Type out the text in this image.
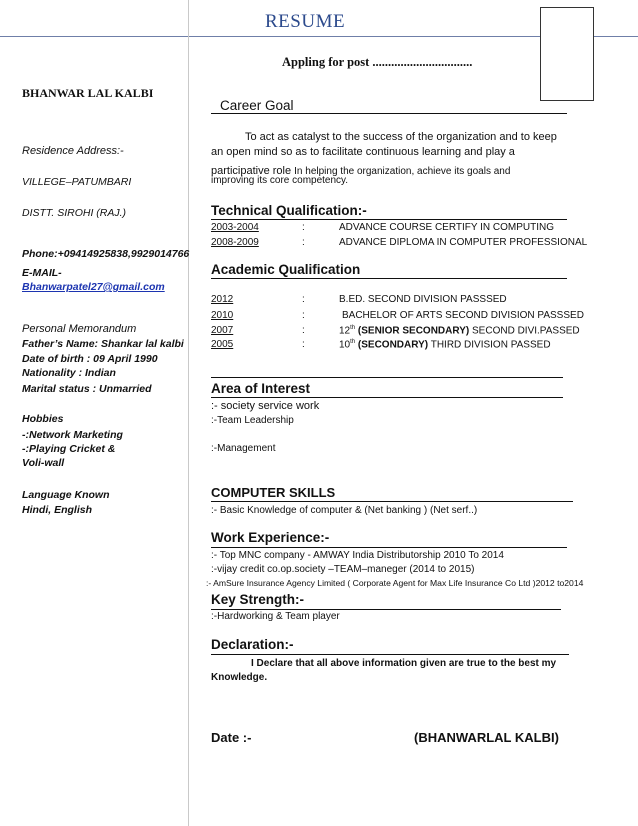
RESUME
Appling for post ................................
BHANWAR LAL KALBI
Residence Address:-
VILLEGE–PATUMBARI
DISTT. SIROHI (RAJ.)
Phone:+09414925838,9929014766
E-MAIL-
Bhanwarpatel27@gmail.com
Personal Memorandum
Father’s Name: Shankar lal kalbi
Date of birth : 09 April 1990
Nationality : Indian
Marital status : Unmarried
Hobbies
-:Network Marketing
-:Playing Cricket &
Voli-wall
Language Known
Hindi, English
Career Goal
To act as catalyst to the success of the organization and to keep
an open mind so as to facilitate continuous learning and play a
participative role In helping the organization, achieve its goals and
improving its core competency.
Technical Qualification:-
2003-2004	:	ADVANCE COURSE CERTIFY IN COMPUTING
2008-2009	:	ADVANCE DIPLOMA IN COMPUTER PROFESSIONAL
Academic Qualification
2012	:	B.ED. SECOND DIVISION PASSSED
2010	:	BACHELOR OF ARTS SECOND DIVISION PASSSED
2007	:	12th (SENIOR SECONDARY) SECOND DIVI.PASSED
2005	:	10th (SECONDARY) THIRD DIVISION PASSED
Area of Interest
:- society service work
:-Team Leadership
:-Management
COMPUTER SKILLS
:- Basic Knowledge of computer & (Net banking ) (Net serf..)
Work Experience:-
:- Top MNC company - AMWAY India Distributorship 2010 To 2014
:-vijay credit co.op.society –TEAM–maneger (2014 to 2015)
:- AmSure Insurance Agency Limited ( Corporate Agent for Max Life Insurance Co Ltd )2012 to2014
Key Strength:-
:-Hardworking & Team player
Declaration:-
I Declare that all above information given are true to the best my
Knowledge.
Date :-	(BHANWARLAL KALBI)
